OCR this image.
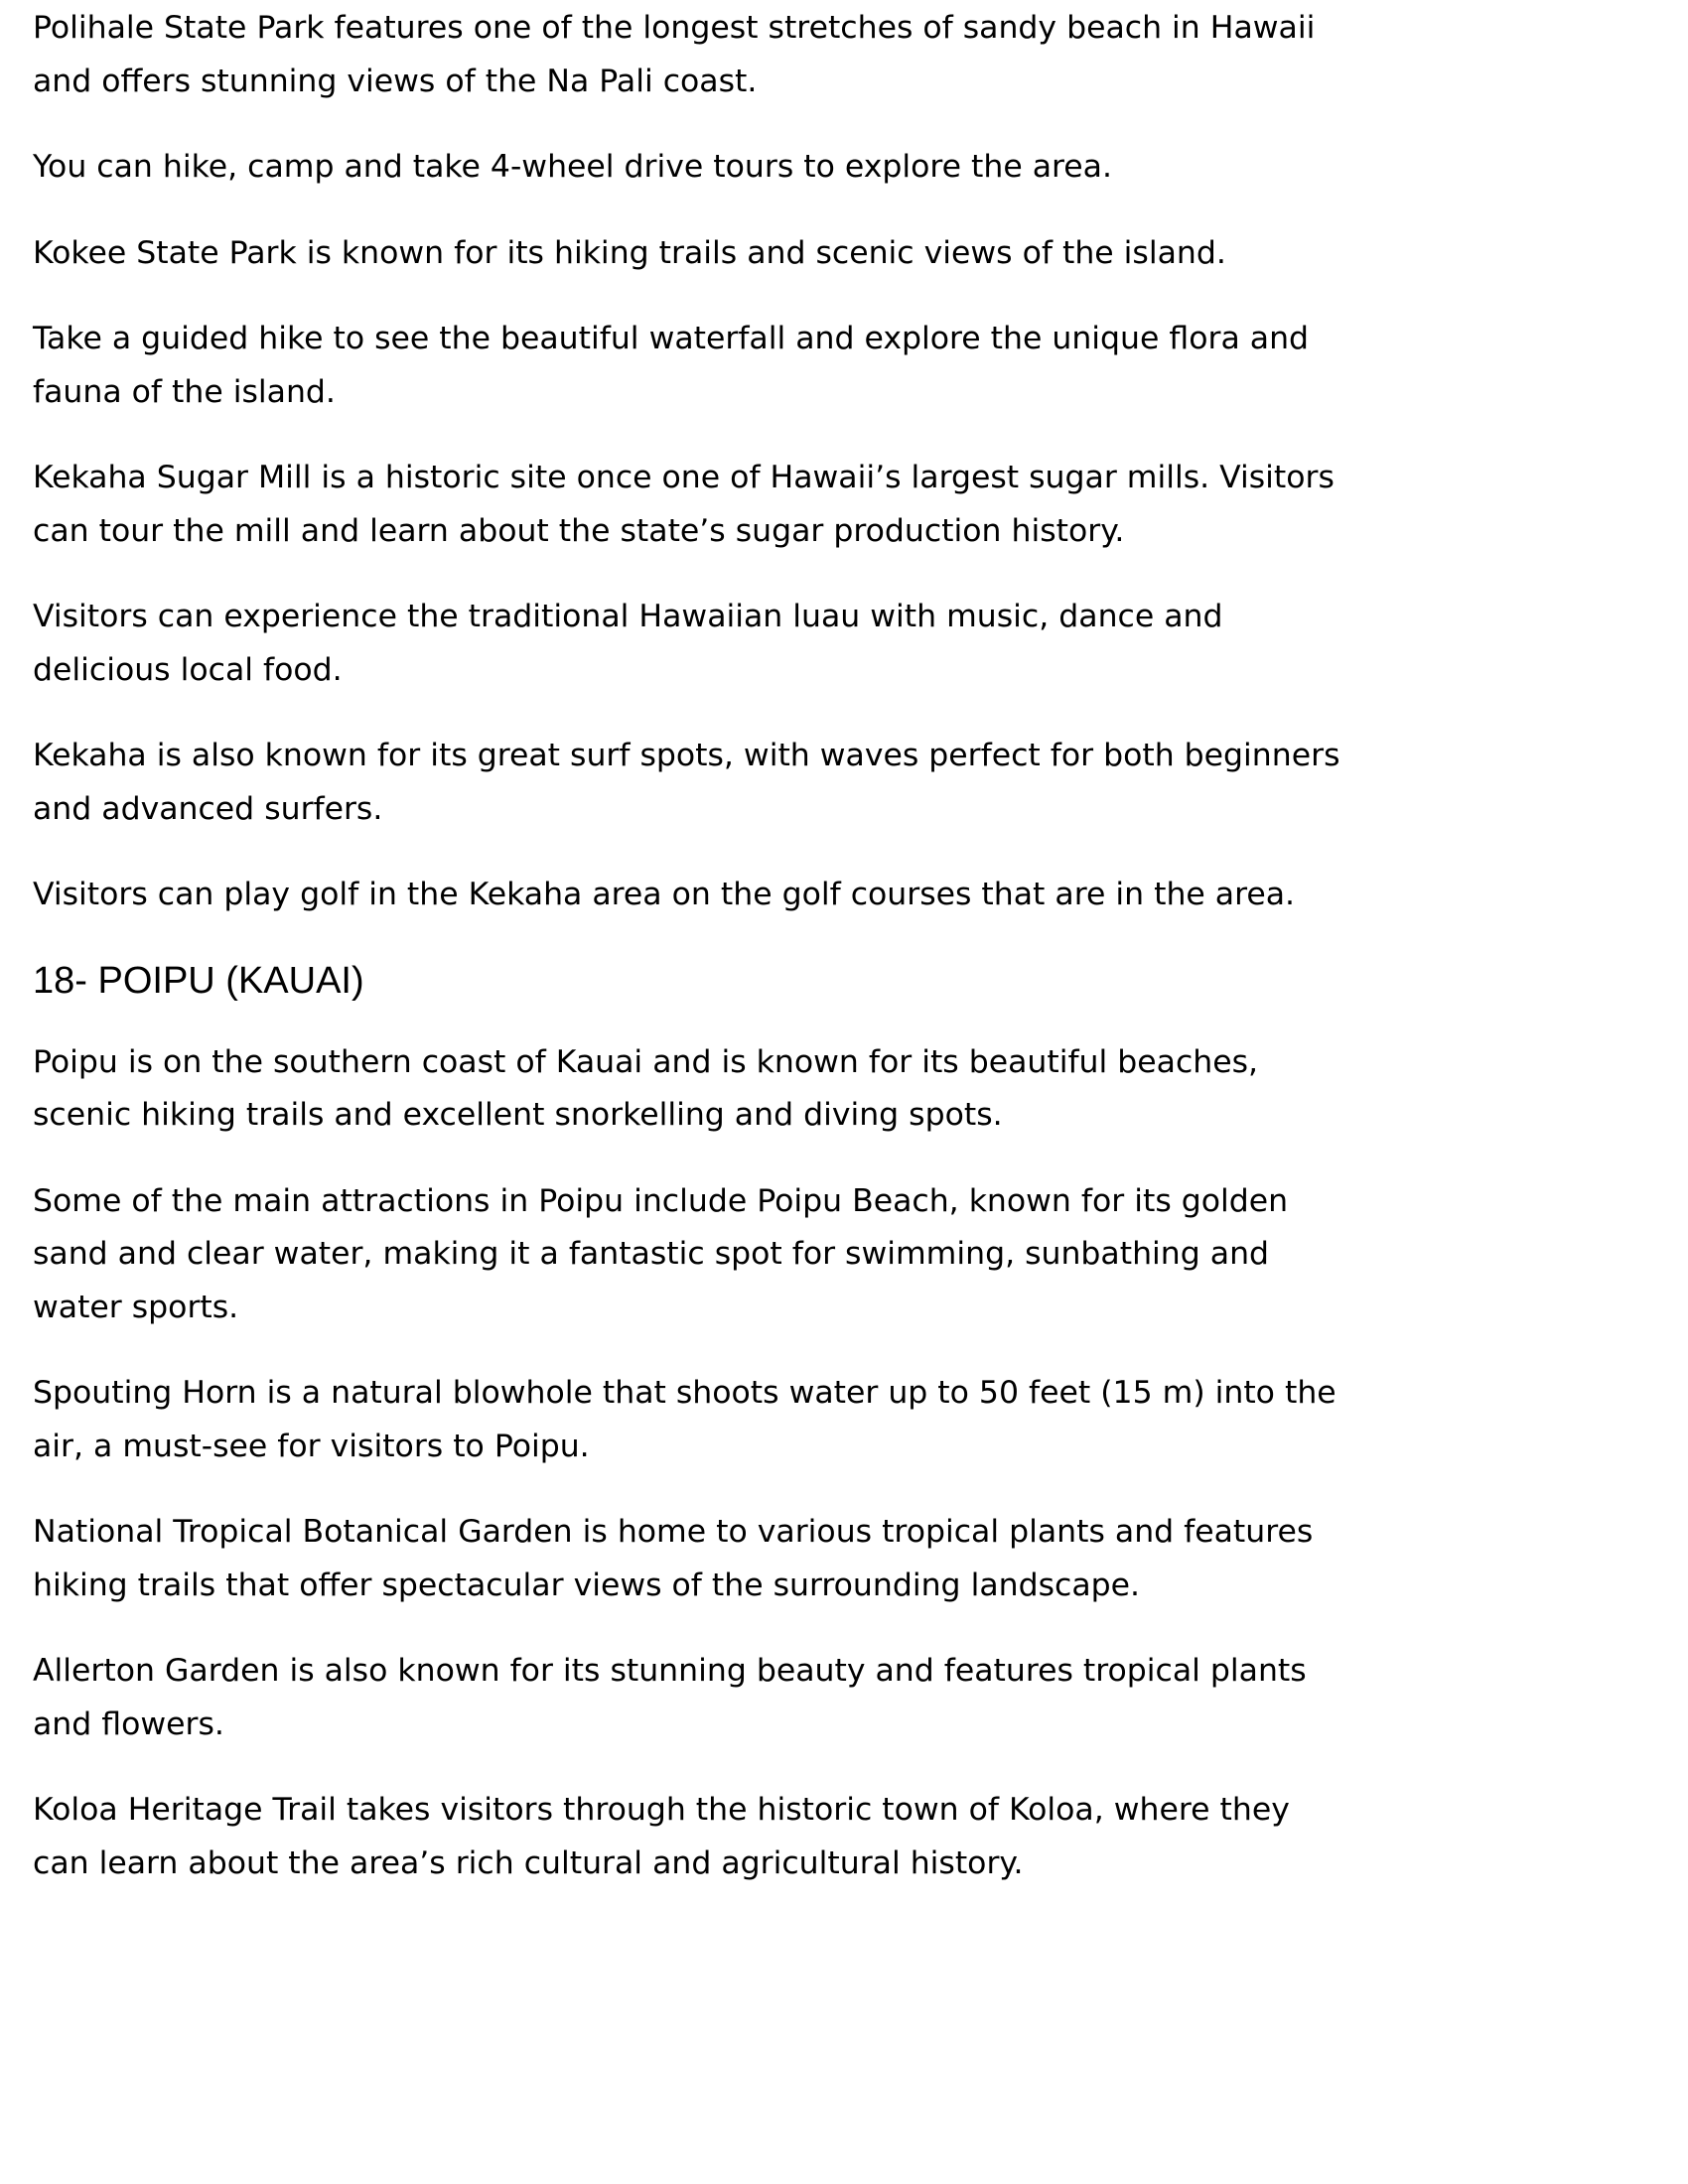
Polihale State Park features one of the longest stretches of sandy beach in Hawaii and offers stunning views of the Na Pali coast.

You can hike, camp and take 4-wheel drive tours to explore the area.

Kokee State Park is known for its hiking trails and scenic views of the island.

Take a guided hike to see the beautiful waterfall and explore the unique flora and fauna of the island.

Kekaha Sugar Mill is a historic site once one of Hawaii’s largest sugar mills. Visitors can tour the mill and learn about the state’s sugar production history.

Visitors can experience the traditional Hawaiian luau with music, dance and delicious local food.

Kekaha is also known for its great surf spots, with waves perfect for both beginners and advanced surfers.

Visitors can play golf in the Kekaha area on the golf courses that are in the area.

18- POIPU (KAUAI)

Poipu is on the southern coast of Kauai and is known for its beautiful beaches, scenic hiking trails and excellent snorkelling and diving spots.

Some of the main attractions in Poipu include Poipu Beach, known for its golden sand and clear water, making it a fantastic spot for swimming, sunbathing and water sports.

Spouting Horn is a natural blowhole that shoots water up to 50 feet (15 m) into the air, a must-see for visitors to Poipu.

National Tropical Botanical Garden is home to various tropical plants and features hiking trails that offer spectacular views of the surrounding landscape.

Allerton Garden is also known for its stunning beauty and features tropical plants and flowers.

Koloa Heritage Trail takes visitors through the historic town of Koloa, where they can learn about the area’s rich cultural and agricultural history.
